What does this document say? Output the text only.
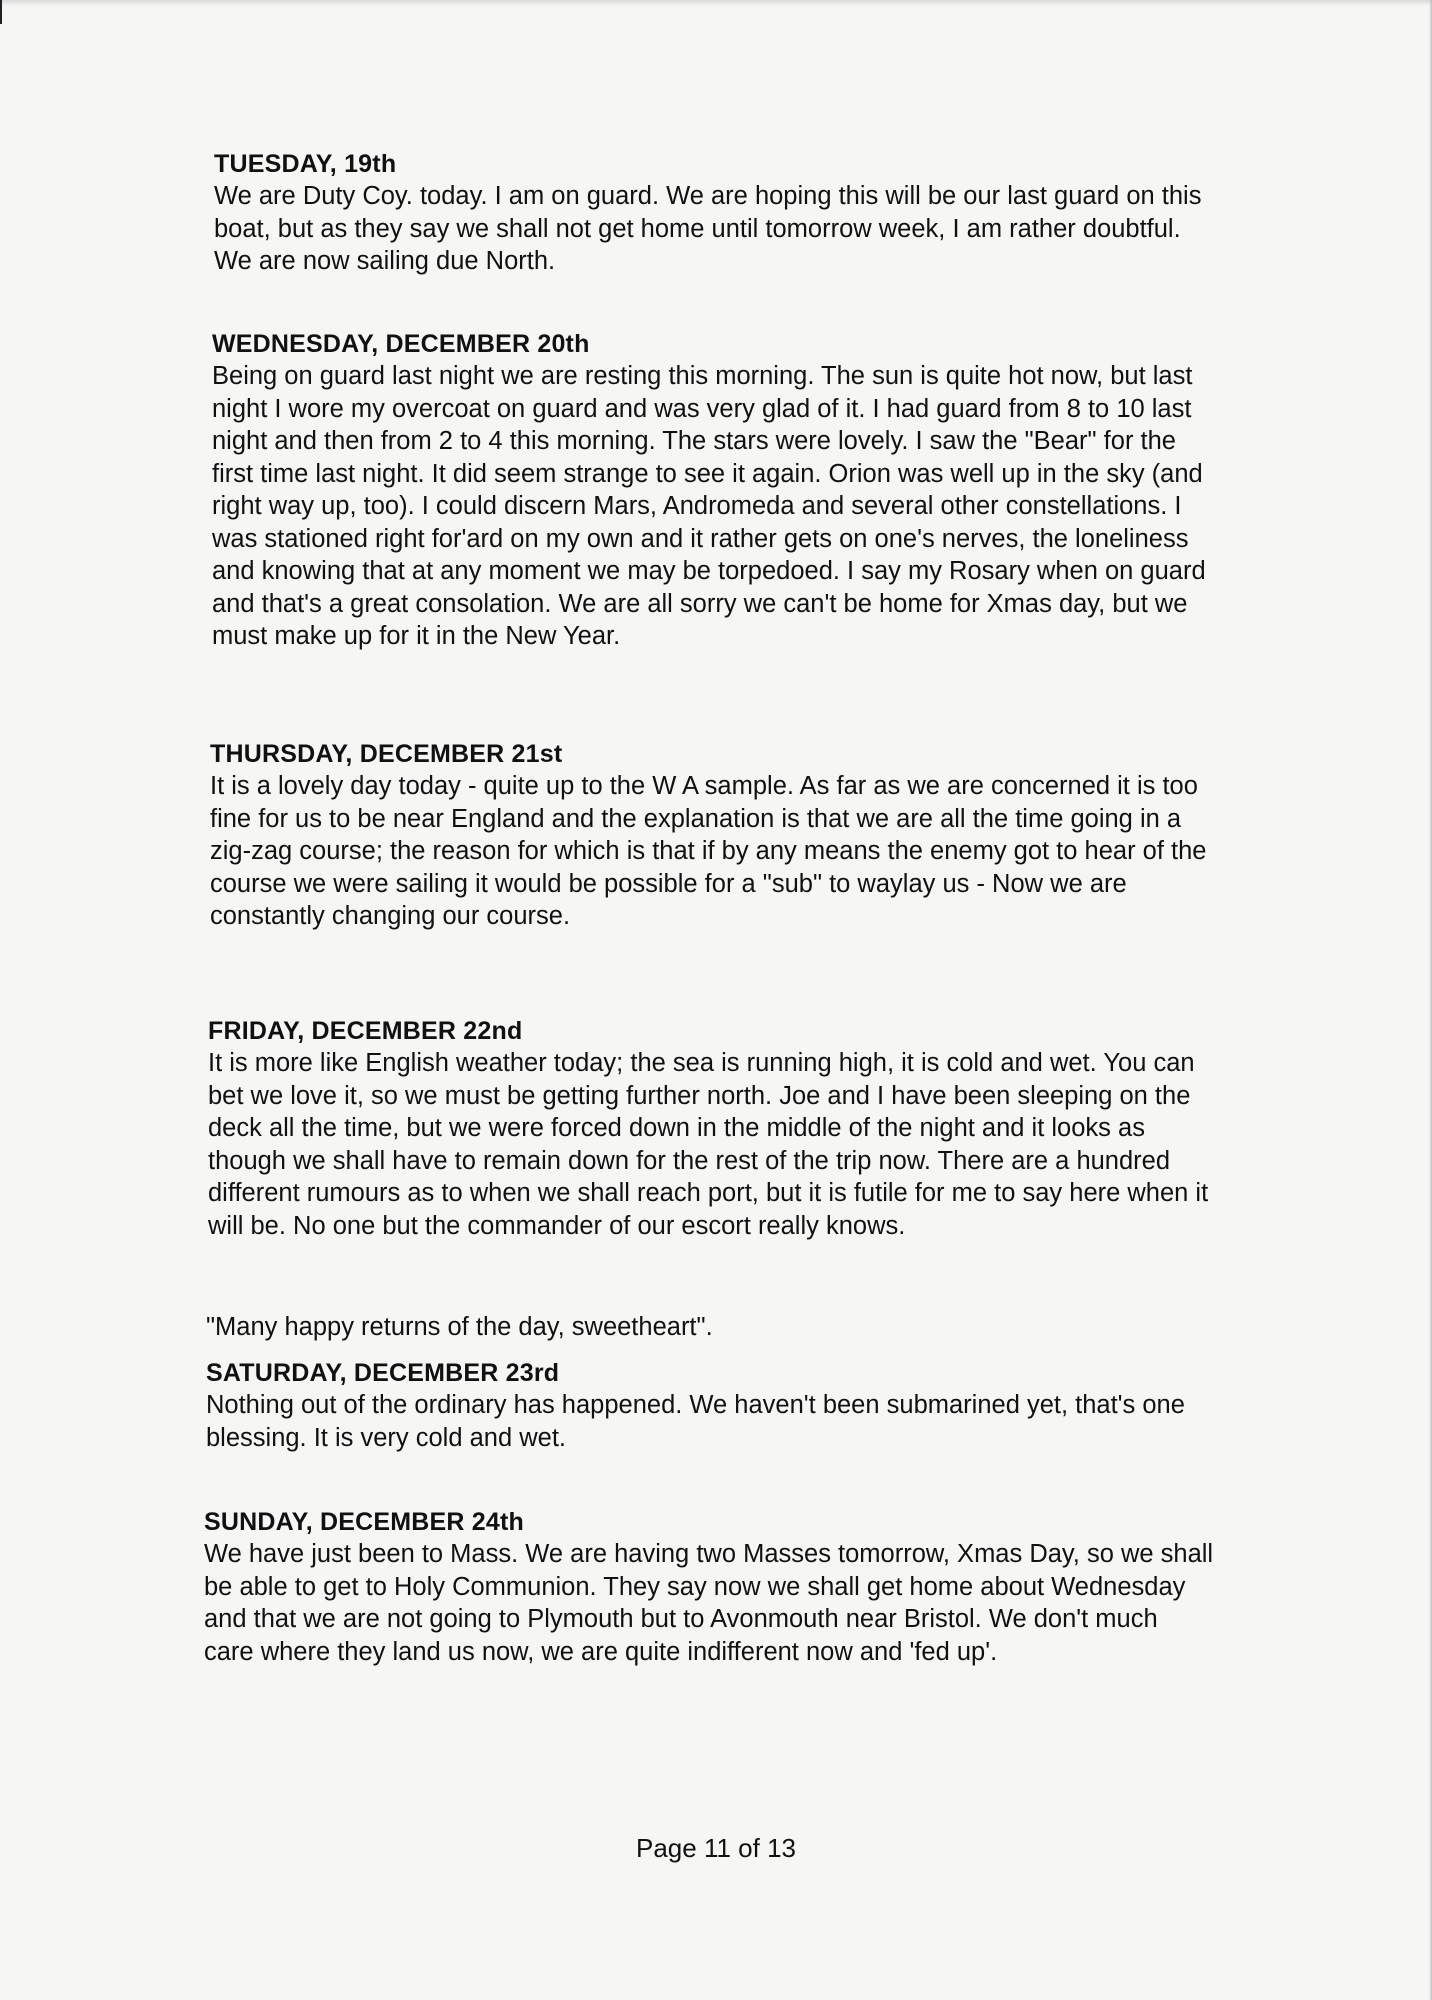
TUESDAY, 19th

We are Duty Coy. today. I am on guard. We are hoping this will be our last guard on this boat, but as they say we shall not get home until tomorrow week, I am rather doubtful. We are now sailing due North.

WEDNESDAY, DECEMBER 20th

Being on guard last night we are resting this morning. The sun is quite hot now, but last night I wore my overcoat on guard and was very glad of it. I had guard from 8 to 10 last night and then from 2 to 4 this morning. The stars were lovely. I saw the "Bear" for the first time last night. It did seem strange to see it again. Orion was well up in the sky (and right way up, too). I could discern Mars, Andromeda and several other constellations. I was stationed right for'ard on my own and it rather gets on one's nerves, the loneliness and knowing that at any moment we may be torpedoed. I say my Rosary when on guard and that's a great consolation. We are all sorry we can't be home for Xmas day, but we must make up for it in the New Year.

THURSDAY, DECEMBER 21st

It is a lovely day today - quite up to the W A sample. As far as we are concerned it is too fine for us to be near England and the explanation is that we are all the time going in a zig-zag course; the reason for which is that if by any means the enemy got to hear of the course we were sailing it would be possible for a "sub" to waylay us - Now we are constantly changing our course.

FRIDAY, DECEMBER 22nd

It is more like English weather today; the sea is running high, it is cold and wet. You can bet we love it, so we must be getting further north. Joe and I have been sleeping on the deck all the time, but we were forced down in the middle of the night and it looks as though we shall have to remain down for the rest of the trip now. There are a hundred different rumours as to when we shall reach port, but it is futile for me to say here when it will be. No one but the commander of our escort really knows.

"Many happy returns of the day, sweetheart".
SATURDAY, DECEMBER 23rd

Nothing out of the ordinary has happened. We haven't been submarined yet, that's one blessing. It is very cold and wet.

SUNDAY, DECEMBER 24th

We have just been to Mass. We are having two Masses tomorrow, Xmas Day, so we shall be able to get to Holy Communion. They say now we shall get home about Wednesday and that we are not going to Plymouth but to Avonmouth near Bristol. We don't much care where they land us now, we are quite indifferent now and 'fed up'.

Page 11 of 13
